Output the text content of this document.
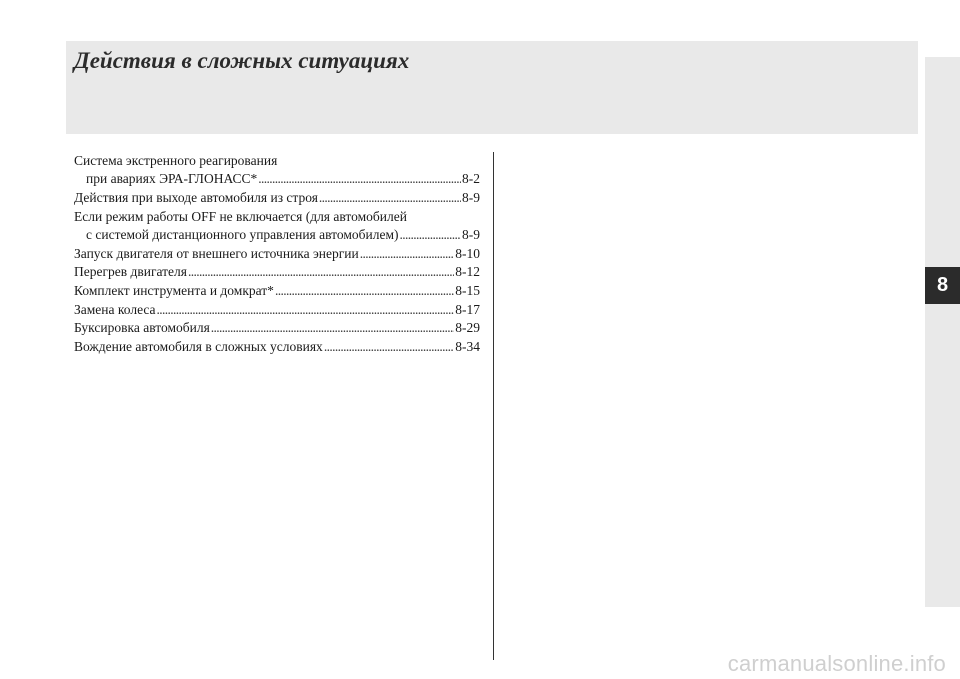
Действия в сложных ситуациях
8
Система экстренного реагирования
при авариях ЭРА-ГЛОНАСС* . . .	8-2
Действия при выходе автомобиля из строя . . .	8-9
Если режим работы OFF не включается (для автомобилей
с системой дистанционного управления автомобилем) . . .	8-9
Запуск двигателя от внешнего источника энергии . . .	8-10
Перегрев двигателя . . .	8-12
Комплект инструмента и домкрат* . . .	8-15
Замена колеса . . .	8-17
Буксировка автомобиля . . .	8-29
Вождение автомобиля в сложных условиях . . .	8-34
carmanualsonline.info
